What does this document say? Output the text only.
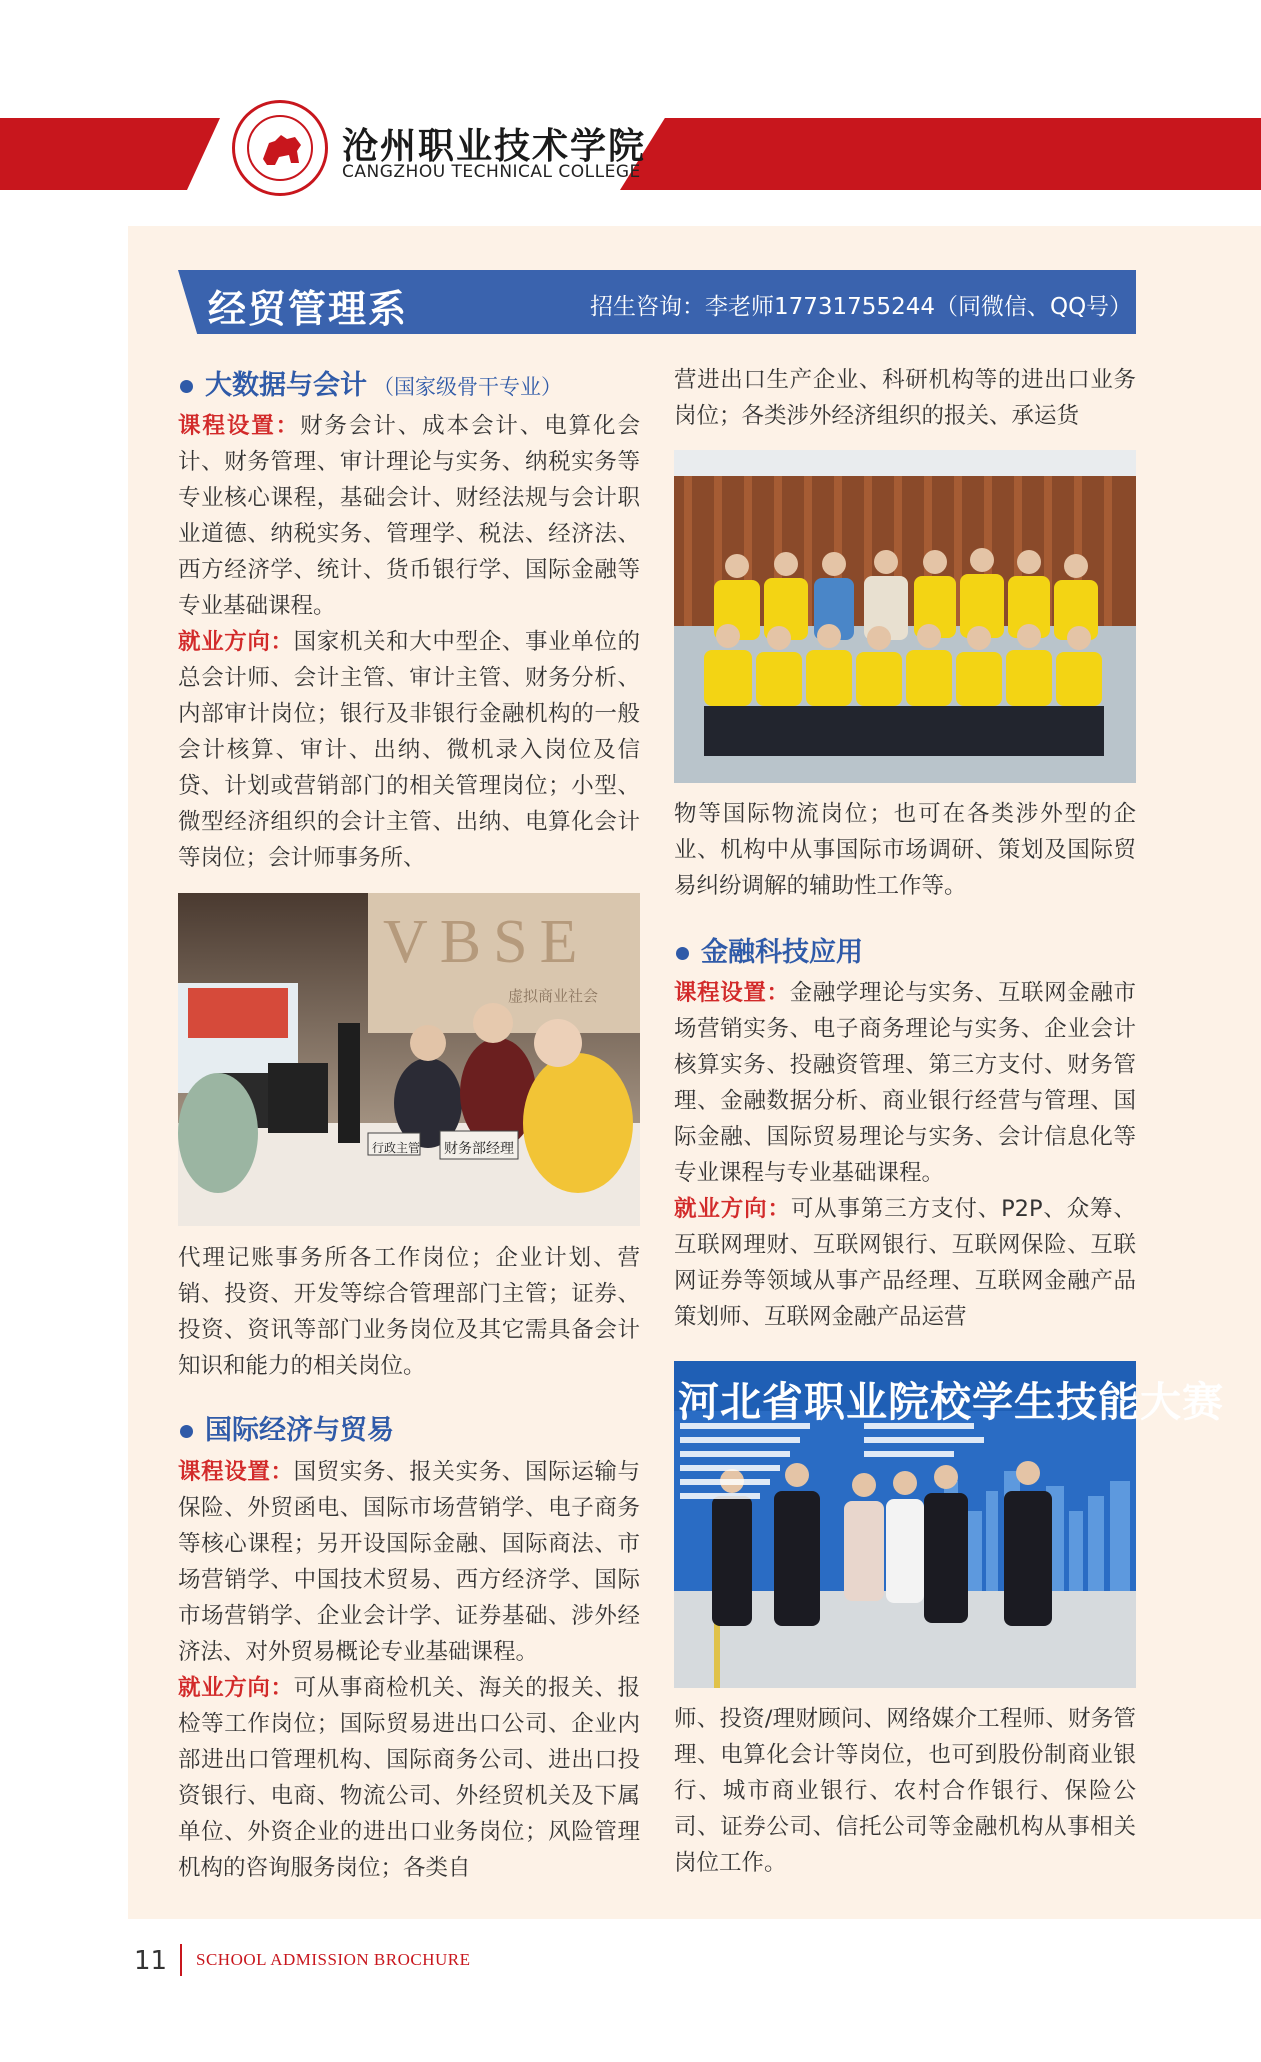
沧州职业技术学院
CANGZHOU TECHNICAL COLLEGE
经贸管理系	招生咨询：李老师17731755244（同微信、QQ号）
大数据与会计 （国家级骨干专业）

课程设置：财务会计、成本会计、电算化会计、财务管理、审计理论与实务、纳税实务等专业核心课程，基础会计、财经法规与会计职业道德、纳税实务、管理学、税法、经济法、西方经济学、统计、货币银行学、国际金融等专业基础课程。

就业方向：国家机关和大中型企、事业单位的总会计师、会计主管、审计主管、财务分析、内部审计岗位；银行及非银行金融机构的一般会计核算、审计、出纳、微机录入岗位及信贷、计划或营销部门的相关管理岗位；小型、微型经济组织的会计主管、出纳、电算化会计等岗位；会计师事务所、

VBSE
虚拟商业社会
行政主管 财务部经理

代理记账事务所各工作岗位；企业计划、营销、投资、开发等综合管理部门主管；证券、投资、资讯等部门业务岗位及其它需具备会计知识和能力的相关岗位。

国际经济与贸易

课程设置：国贸实务、报关实务、国际运输与保险、外贸函电、国际市场营销学、电子商务等核心课程；另开设国际金融、国际商法、市场营销学、中国技术贸易、西方经济学、国际市场营销学、企业会计学、证券基础、涉外经济法、对外贸易概论专业基础课程。

就业方向：可从事商检机关、海关的报关、报检等工作岗位；国际贸易进出口公司、企业内部进出口管理机构、国际商务公司、进出口投资银行、电商、物流公司、外经贸机关及下属单位、外资企业的进出口业务岗位；风险管理机构的咨询服务岗位；各类自

营进出口生产企业、科研机构等的进出口业务岗位；各类涉外经济组织的报关、承运货

物等国际物流岗位；也可在各类涉外型的企业、机构中从事国际市场调研、策划及国际贸易纠纷调解的辅助性工作等。

金融科技应用

课程设置：金融学理论与实务、互联网金融市场营销实务、电子商务理论与实务、企业会计核算实务、投融资管理、第三方支付、财务管理、金融数据分析、商业银行经营与管理、国际金融、国际贸易理论与实务、会计信息化等专业课程与专业基础课程。

就业方向：可从事第三方支付、P2P、众筹、互联网理财、互联网银行、互联网保险、互联网证券等领域从事产品经理、互联网金融产品策划师、互联网金融产品运营

河北省职业院校学生技能大赛

师、投资/理财顾问、网络媒介工程师、财务管理、电算化会计等岗位，也可到股份制商业银行、城市商业银行、农村合作银行、保险公司、证券公司、信托公司等金融机构从事相关岗位工作。

11 SCHOOL ADMISSION BROCHURE
